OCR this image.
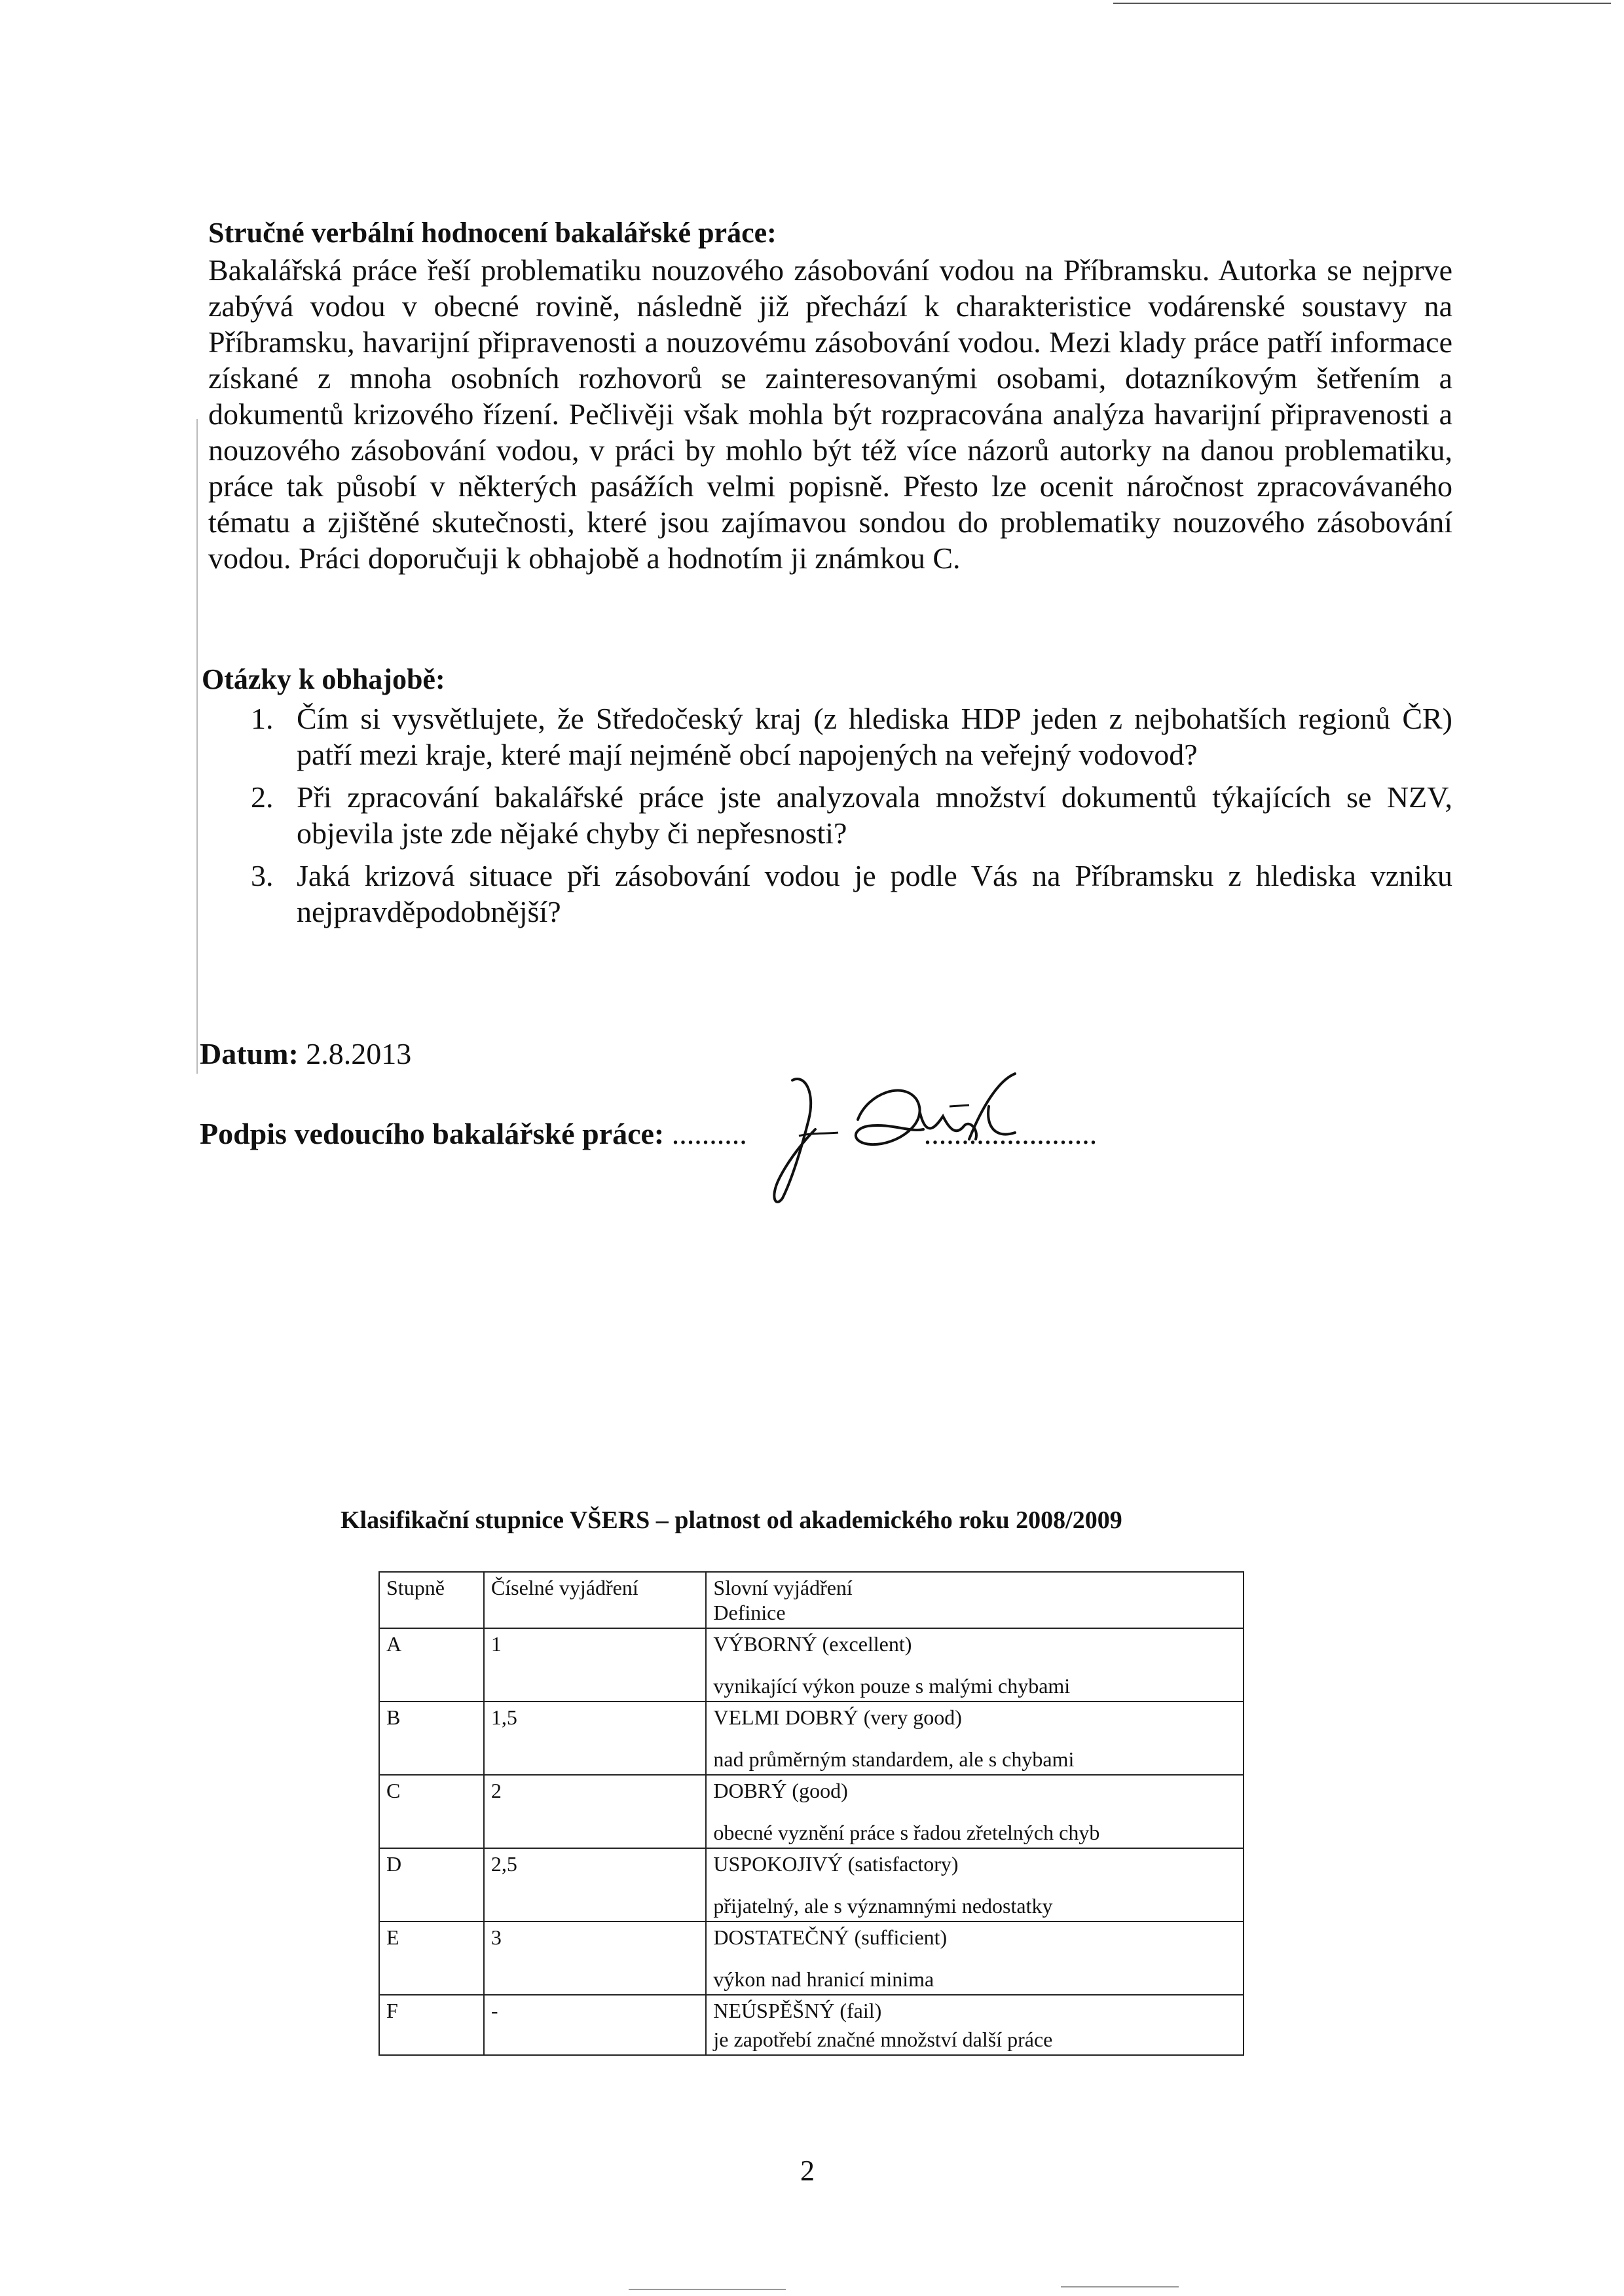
Stručné verbální hodnocení bakalářské práce:
Bakalářská práce řeší problematiku nouzového zásobování vodou na Příbramsku. Autorka se nejprve zabývá vodou v obecné rovině, následně již přechází k charakteristice vodárenské soustavy na Příbramsku, havarijní připravenosti a nouzovému zásobování vodou. Mezi klady práce patří informace získané z mnoha osobních rozhovorů se zainteresovanými osobami, dotazníkovým šetřením a dokumentů krizového řízení. Pečlivěji však mohla být rozpracována analýza havarijní připravenosti a nouzového zásobování vodou, v práci by mohlo být též více názorů autorky na danou problematiku, práce tak působí v některých pasážích velmi popisně. Přesto lze ocenit náročnost zpracovávaného tématu a zjištěné skutečnosti, které jsou zajímavou sondou do problematiky nouzového zásobování vodou. Práci doporučuji k obhajobě a hodnotím ji známkou C.
Otázky k obhajobě:
1. Čím si vysvětlujete, že Středočeský kraj (z hlediska HDP jeden z nejbohatších regionů ČR) patří mezi kraje, které mají nejméně obcí napojených na veřejný vodovod?
2. Při zpracování bakalářské práce jste analyzovala množství dokumentů týkajících se NZV, objevila jste zde nějaké chyby či nepřesnosti?
3. Jaká krizová situace při zásobování vodou je podle Vás na Příbramsku z hlediska vzniku nejpravděpodobnější?
Datum: 2.8.2013
Podpis vedoucího bakalářské práce: ..........	.......................
Klasifikační stupnice VŠERS – platnost od akademického roku 2008/2009
Stupně	Číselné vyjádření	Slovní vyjádření
Definice

A	1	VÝBORNÝ (excellent)
vynikající výkon pouze s malými chybami

B	1,5	VELMI DOBRÝ (very good)
nad průměrným standardem, ale s chybami

C	2	DOBRÝ (good)
obecné vyznění práce s řadou zřetelných chyb

D	2,5	USPOKOJIVÝ (satisfactory)
přijatelný, ale s významnými nedostatky

E	3	DOSTATEČNÝ (sufficient)
výkon nad hranicí minima

F	-	NEÚSPĚŠNÝ (fail)
je zapotřebí značné množství další práce
2
